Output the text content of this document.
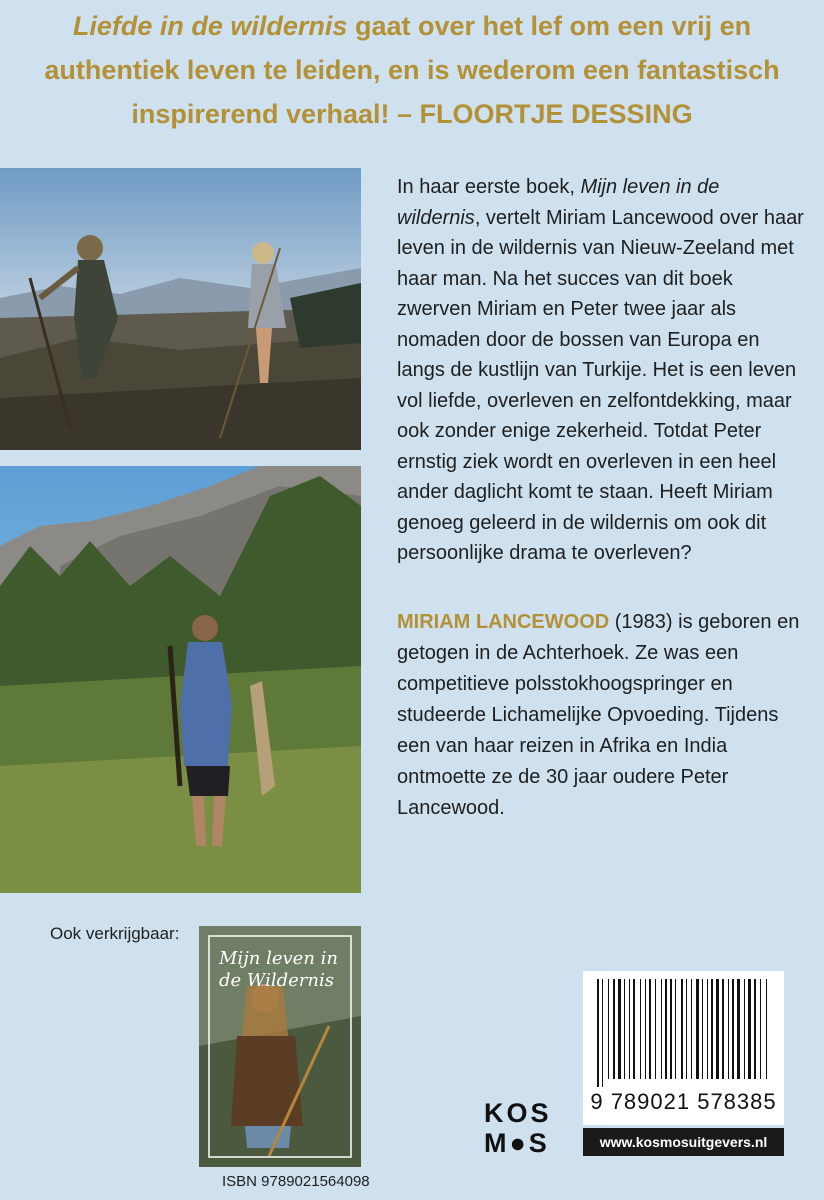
Liefde in de wildernis gaat over het lef om een vrij en
authentiek leven te leiden, en is wederom een fantastisch
inspirerend verhaal! – FLOORTJE DESSING

In haar eerste boek, Mijn leven in de wildernis, vertelt Miriam Lancewood over haar leven in de wildernis van Nieuw-Zeeland met haar man. Na het succes van dit boek zwerven Miriam en Peter twee jaar als nomaden door de bossen van Europa en langs de kustlijn van Turkije. Het is een leven vol liefde, overleven en zelfontdekking, maar ook zonder enige zekerheid. Totdat Peter ernstig ziek wordt en overleven in een heel ander daglicht komt te staan. Heeft Miriam genoeg geleerd in de wildernis om ook dit persoonlijke drama te overleven?

MIRIAM LANCEWOOD (1983) is geboren en getogen in de Achterhoek. Ze was een competitieve polsstokhoogspringer en studeerde Lichamelijke Opvoeding. Tijdens een van haar reizen in Afrika en India ontmoette ze de 30 jaar oudere Peter Lancewood.

Ook verkrijgbaar:
Mijn leven in de Wildernis
ISBN 9789021564098
KOS
M●S
9 789021 578385
www.kosmosuitgevers.nl
